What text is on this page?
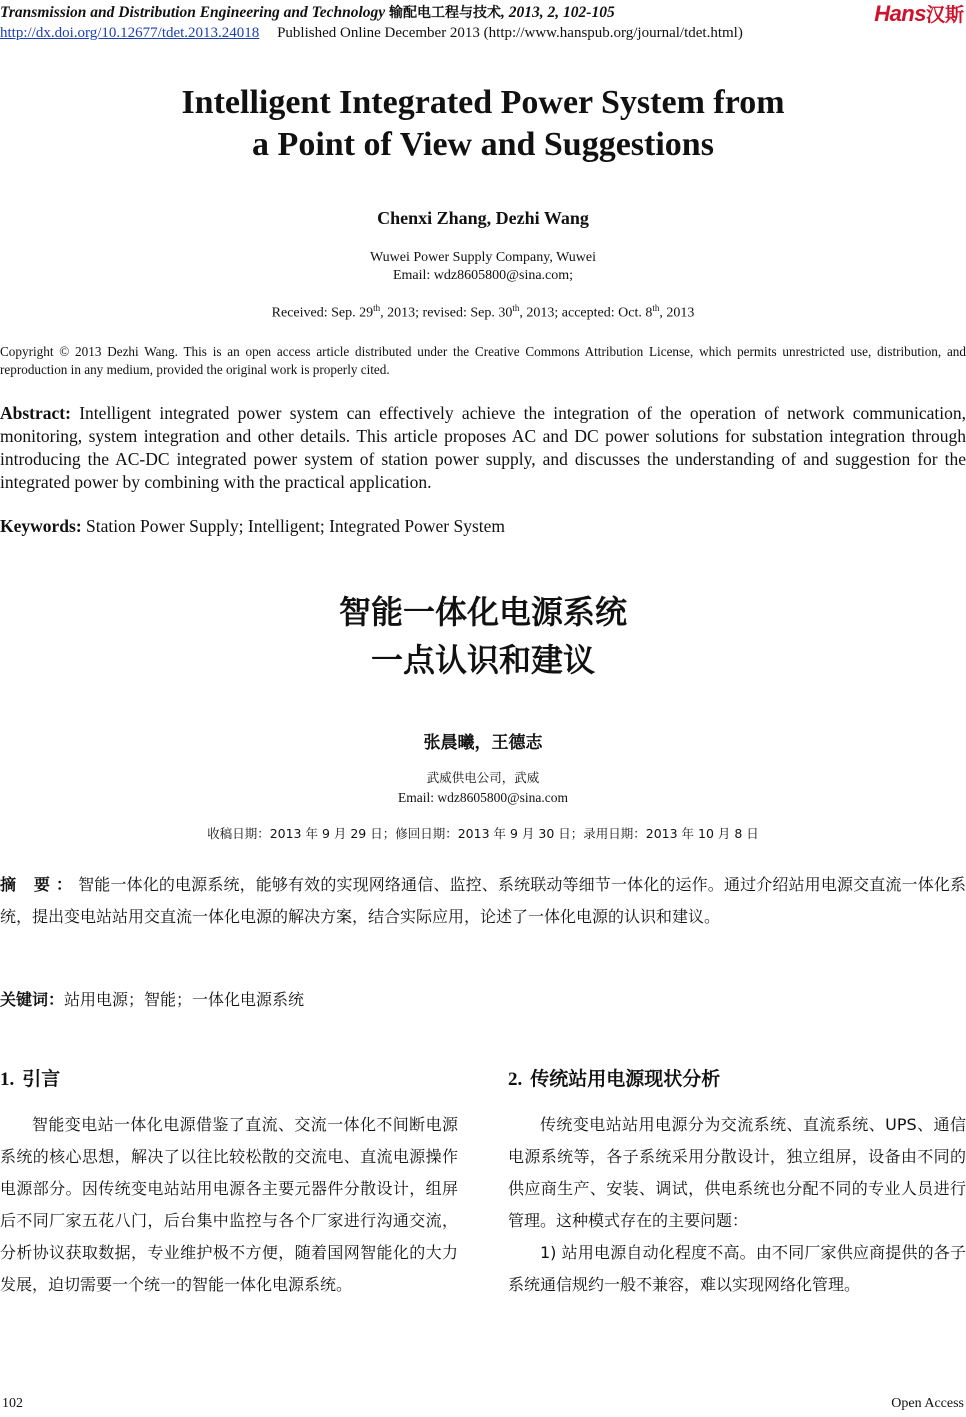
Transmission and Distribution Engineering and Technology 输配电工程与技术, 2013, 2, 102-105	Hans汉斯
http://dx.doi.org/10.12677/tdet.2013.24018 Published Online December 2013 (http://www.hanspub.org/journal/tdet.html)
Intelligent Integrated Power System from
a Point of View and Suggestions
Chenxi Zhang, Dezhi Wang
Wuwei Power Supply Company, Wuwei
Email: wdz8605800@sina.com;
Received: Sep. 29th, 2013; revised: Sep. 30th, 2013; accepted: Oct. 8th, 2013
Copyright © 2013 Dezhi Wang. This is an open access article distributed under the Creative Commons Attribution License, which permits unrestricted use, distribution, and reproduction in any medium, provided the original work is properly cited.
Abstract: Intelligent integrated power system can effectively achieve the integration of the operation of network communication, monitoring, system integration and other details. This article proposes AC and DC power solutions for substation integration through introducing the AC-DC integrated power system of station power supply, and discusses the understanding of and suggestion for the integrated power by combining with the practical application.
Keywords: Station Power Supply; Intelligent; Integrated Power System
智能一体化电源系统
一点认识和建议
张晨曦，王德志
武威供电公司，武威
Email: wdz8605800@sina.com
收稿日期：2013 年 9 月 29 日；修回日期：2013 年 9 月 30 日；录用日期：2013 年 10 月 8 日
摘 要：智能一体化的电源系统，能够有效的实现网络通信、监控、系统联动等细节一体化的运作。通过介绍站用电源交直流一体化系统，提出变电站站用交直流一体化电源的解决方案，结合实际应用，论述了一体化电源的认识和建议。
关键词：站用电源；智能；一体化电源系统
1. 引言

智能变电站一体化电源借鉴了直流、交流一体化不间断电源系统的核心思想，解决了以往比较松散的交流电、直流电源操作电源部分。因传统变电站站用电源各主要元器件分散设计，组屏后不同厂家五花八门，后台集中监控与各个厂家进行沟通交流，分析协议获取数据，专业维护极不方便，随着国网智能化的大力发展，迫切需要一个统一的智能一体化电源系统。

2. 传统站用电源现状分析

传统变电站站用电源分为交流系统、直流系统、UPS、通信电源系统等，各子系统采用分散设计，独立组屏，设备由不同的供应商生产、安装、调试，供电系统也分配不同的专业人员进行管理。这种模式存在的主要问题：

1) 站用电源自动化程度不高。由不同厂家供应商提供的各子系统通信规约一般不兼容，难以实现网络化管理。

102	Open Access
